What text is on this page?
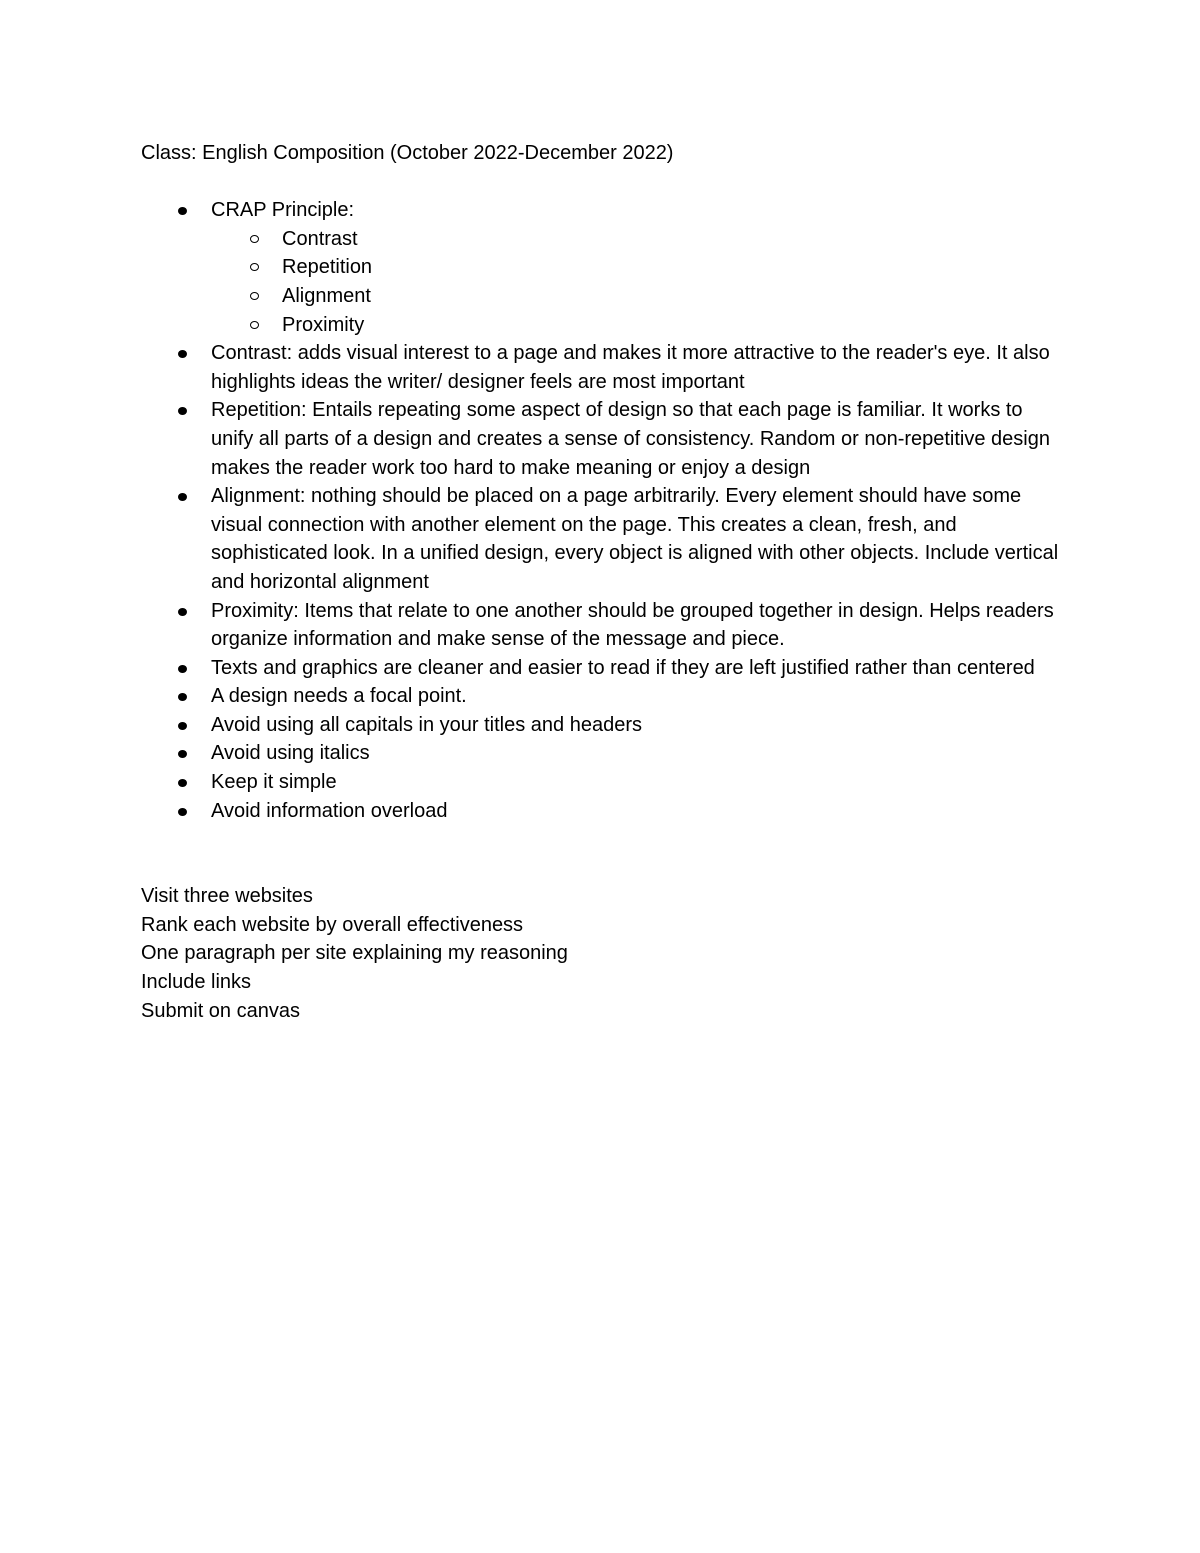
Class: English Composition (October 2022-December 2022)
CRAP Principle:
Contrast
Repetition
Alignment
Proximity
Contrast: adds visual interest to a page and makes it more attractive to the reader's eye. It also highlights ideas the writer/ designer feels are most important
Repetition: Entails repeating some aspect of design so that each page is familiar. It works to unify all parts of a design and creates a sense of consistency. Random or non-repetitive design makes the reader work too hard to make meaning or enjoy a design
Alignment: nothing should be placed on a page arbitrarily. Every element should have some visual connection with another element on the page. This creates a clean, fresh, and sophisticated look. In a unified design, every object is aligned with other objects. Include vertical and horizontal alignment
Proximity: Items that relate to one another should be grouped together in design. Helps readers organize information and make sense of the message and piece.
Texts and graphics are cleaner and easier to read if they are left justified rather than centered
A design needs a focal point.
Avoid using all capitals in your titles and headers
Avoid using italics
Keep it simple
Avoid information overload
Visit three websites
Rank each website by overall effectiveness
One paragraph per site explaining my reasoning
Include links
Submit on canvas
